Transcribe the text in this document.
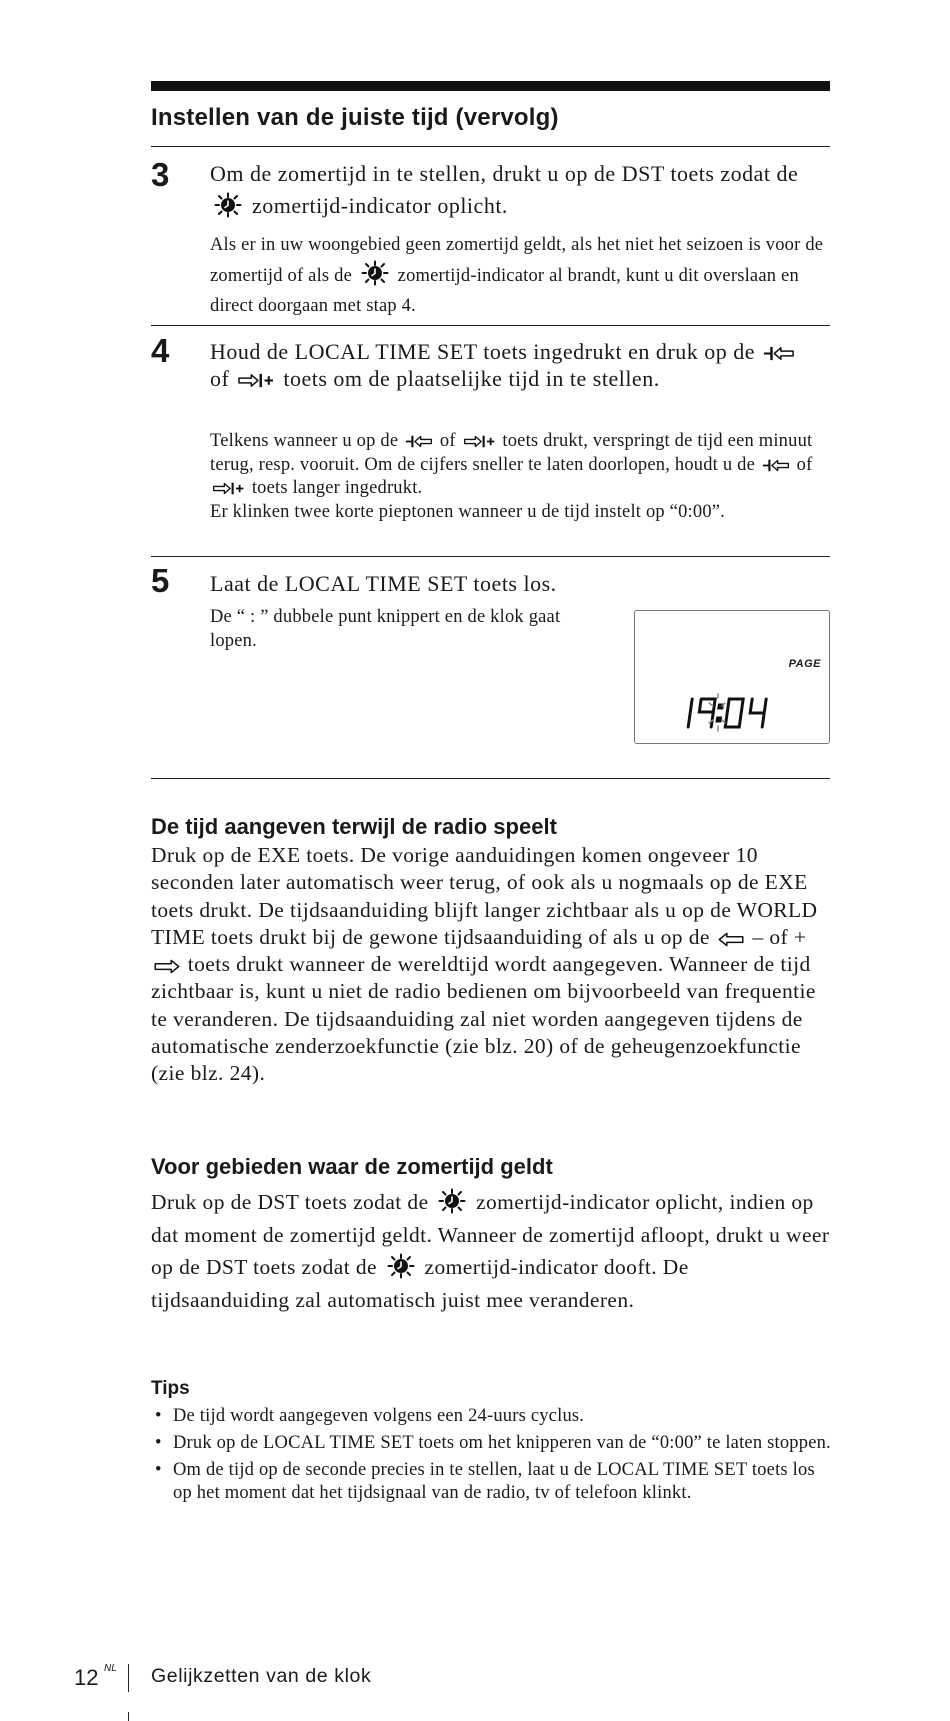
Instellen van de juiste tijd (vervolg)
3 Om de zomertijd in te stellen, drukt u op de DST toets zodat de  zomertijd-indicator oplicht.
Als er in uw woongebied geen zomertijd geldt, als het niet het seizoen is voor de zomertijd of als de zomertijd-indicator al brandt, kunt u dit overslaan en direct doorgaan met stap 4.
4 Houd de LOCAL TIME SET toets ingedrukt en druk op de  of toets om de plaatselijke tijd in te stellen.
Telkens wanneer u op de of	toets drukt, verspringt de tijd een minuut terug, resp. vooruit. Om de cijfers sneller te laten doorlopen, houdt u de of  toets langer ingedrukt.
Er klinken twee korte pieptonen wanneer u de tijd instelt op “0:00”.
5 Laat de LOCAL TIME SET toets los.
De “ : ” dubbele punt knippert en de klok gaat lopen.
PAGE
De tijd aangeven terwijl de radio speelt
Druk op de EXE toets. De vorige aanduidingen komen ongeveer 10 seconden later automatisch weer terug, of ook als u nogmaals op de EXE toets drukt. De tijdsaanduiding blijft langer zichtbaar als u op de WORLD TIME toets drukt bij de gewone tijdsaanduiding of als u op de – of +  toets drukt wanneer de wereldtijd wordt aangegeven. Wanneer de tijd zichtbaar is, kunt u niet de radio bedienen om bijvoorbeeld van frequentie te veranderen. De tijdsaanduiding zal niet worden aangegeven tijdens de automatische zenderzoekfunctie (zie blz. 20) of de geheugenzoekfunctie (zie blz. 24).
Voor gebieden waar de zomertijd geldt
Druk op de DST toets zodat de zomertijd-indicator oplicht, indien op dat moment de zomertijd geldt. Wanneer de zomertijd afloopt, drukt u weer op de DST toets zodat de zomertijd-indicator dooft. De tijdsaanduiding zal automatisch juist mee veranderen.
Tips
• De tijd wordt aangegeven volgens een 24-uurs cyclus.
• Druk op de LOCAL TIME SET toets om het knipperen van de “0:00” te laten stoppen.
• Om de tijd op de seconde precies in te stellen, laat u de LOCAL TIME SET toets los op het moment dat het tijdsignaal van de radio, tv of telefoon klinkt.
12 NL Gelijkzetten van de klok
